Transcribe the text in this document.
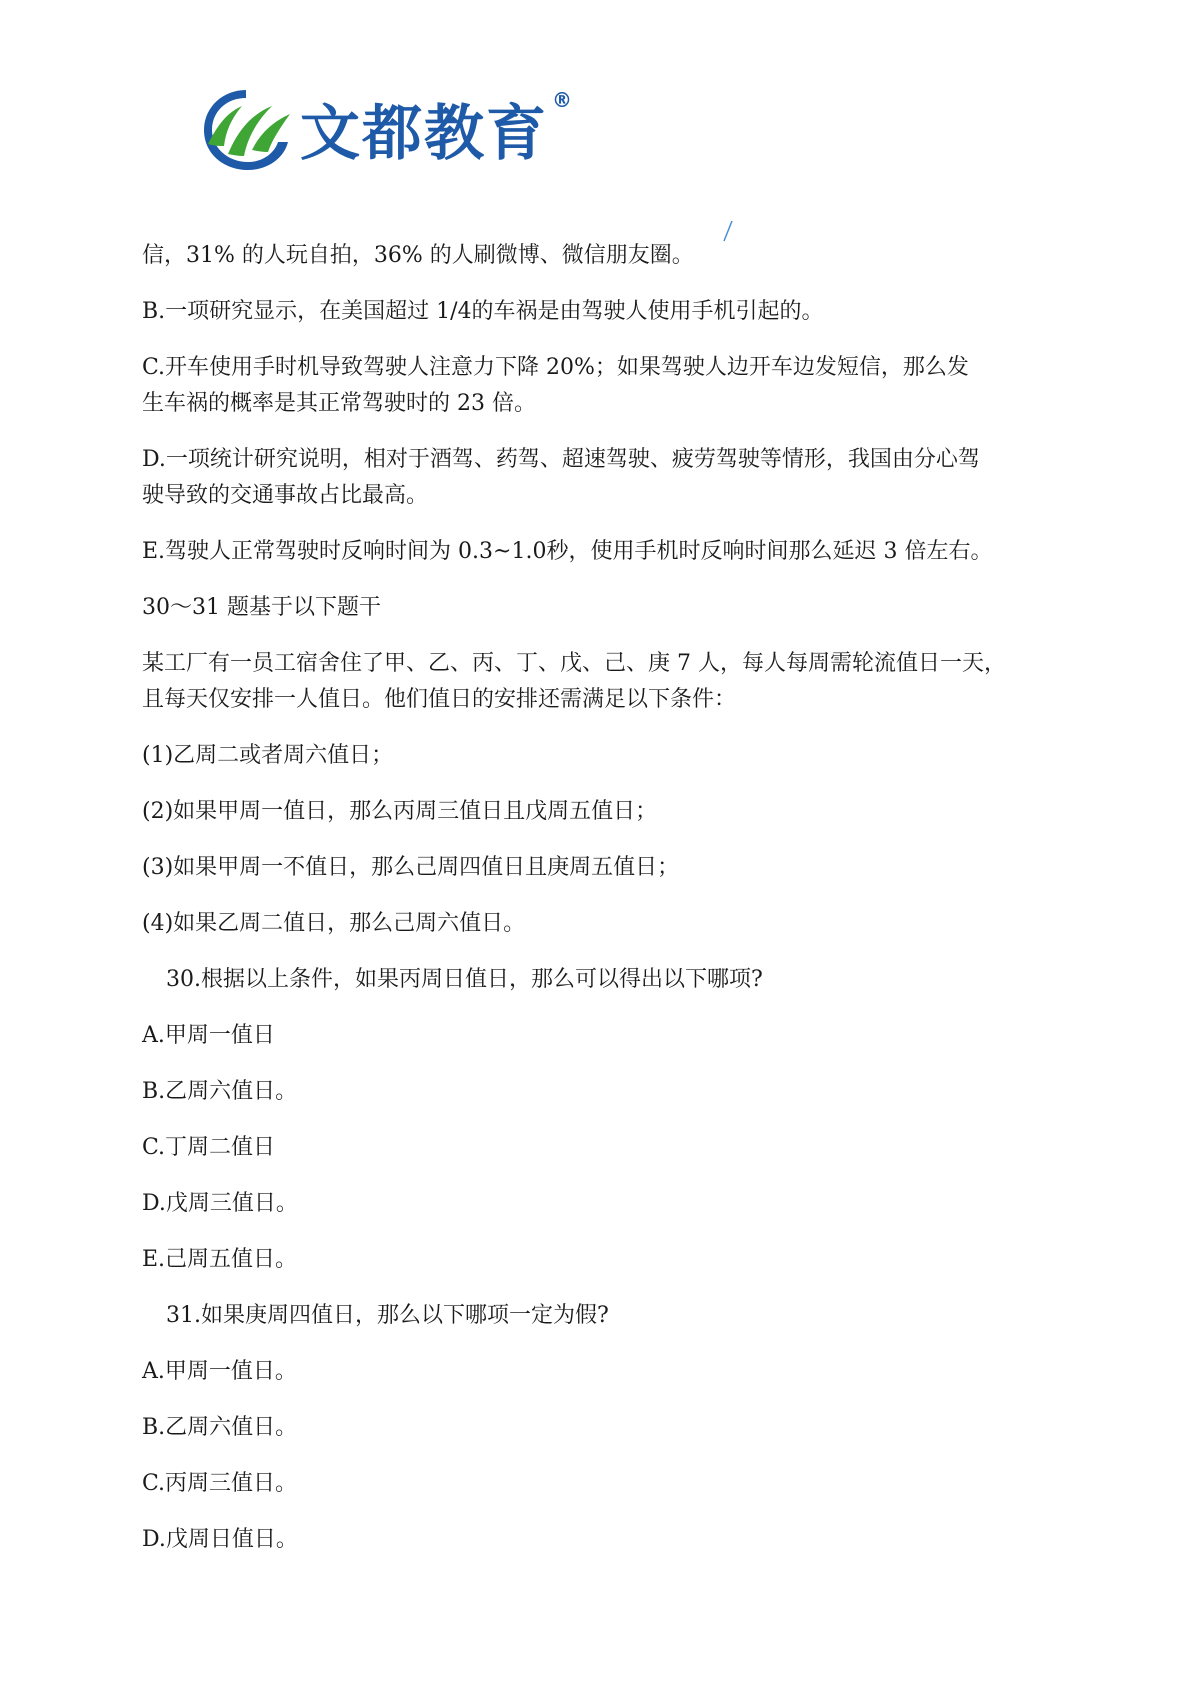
文都教育 ®

信，31% 的人玩自拍，36% 的人刷微博、微信朋友圈。

B.一项研究显示，在美国超过 1/4的车祸是由驾驶人使用手机引起的。

C.开车使用手时机导致驾驶人注意力下降 20%；如果驾驶人边开车边发短信，那么发

生车祸的概率是其正常驾驶时的 23 倍。

D.一项统计研究说明，相对于酒驾、药驾、超速驾驶、疲劳驾驶等情形，我国由分心驾

驶导致的交通事故占比最高。

E.驾驶人正常驾驶时反响时间为 0.3~1.0秒，使用手机时反响时间那么延迟 3 倍左右。

30～31 题基于以下题干

某工厂有一员工宿舍住了甲、乙、丙、丁、戊、己、庚 7 人，每人每周需轮流值日一天，

且每天仅安排一人值日。他们值日的安排还需满足以下条件：

(1)乙周二或者周六值日；

(2)如果甲周一值日，那么丙周三值日且戊周五值日；

(3)如果甲周一不值日，那么己周四值日且庚周五值日；

(4)如果乙周二值日，那么己周六值日。

30.根据以上条件，如果丙周日值日，那么可以得出以下哪项?

A.甲周一值日

B.乙周六值日。

C.丁周二值日

D.戊周三值日。

E.己周五值日。

31.如果庚周四值日，那么以下哪项一定为假?

A.甲周一值日。

B.乙周六值日。

C.丙周三值日。

D.戊周日值日。
